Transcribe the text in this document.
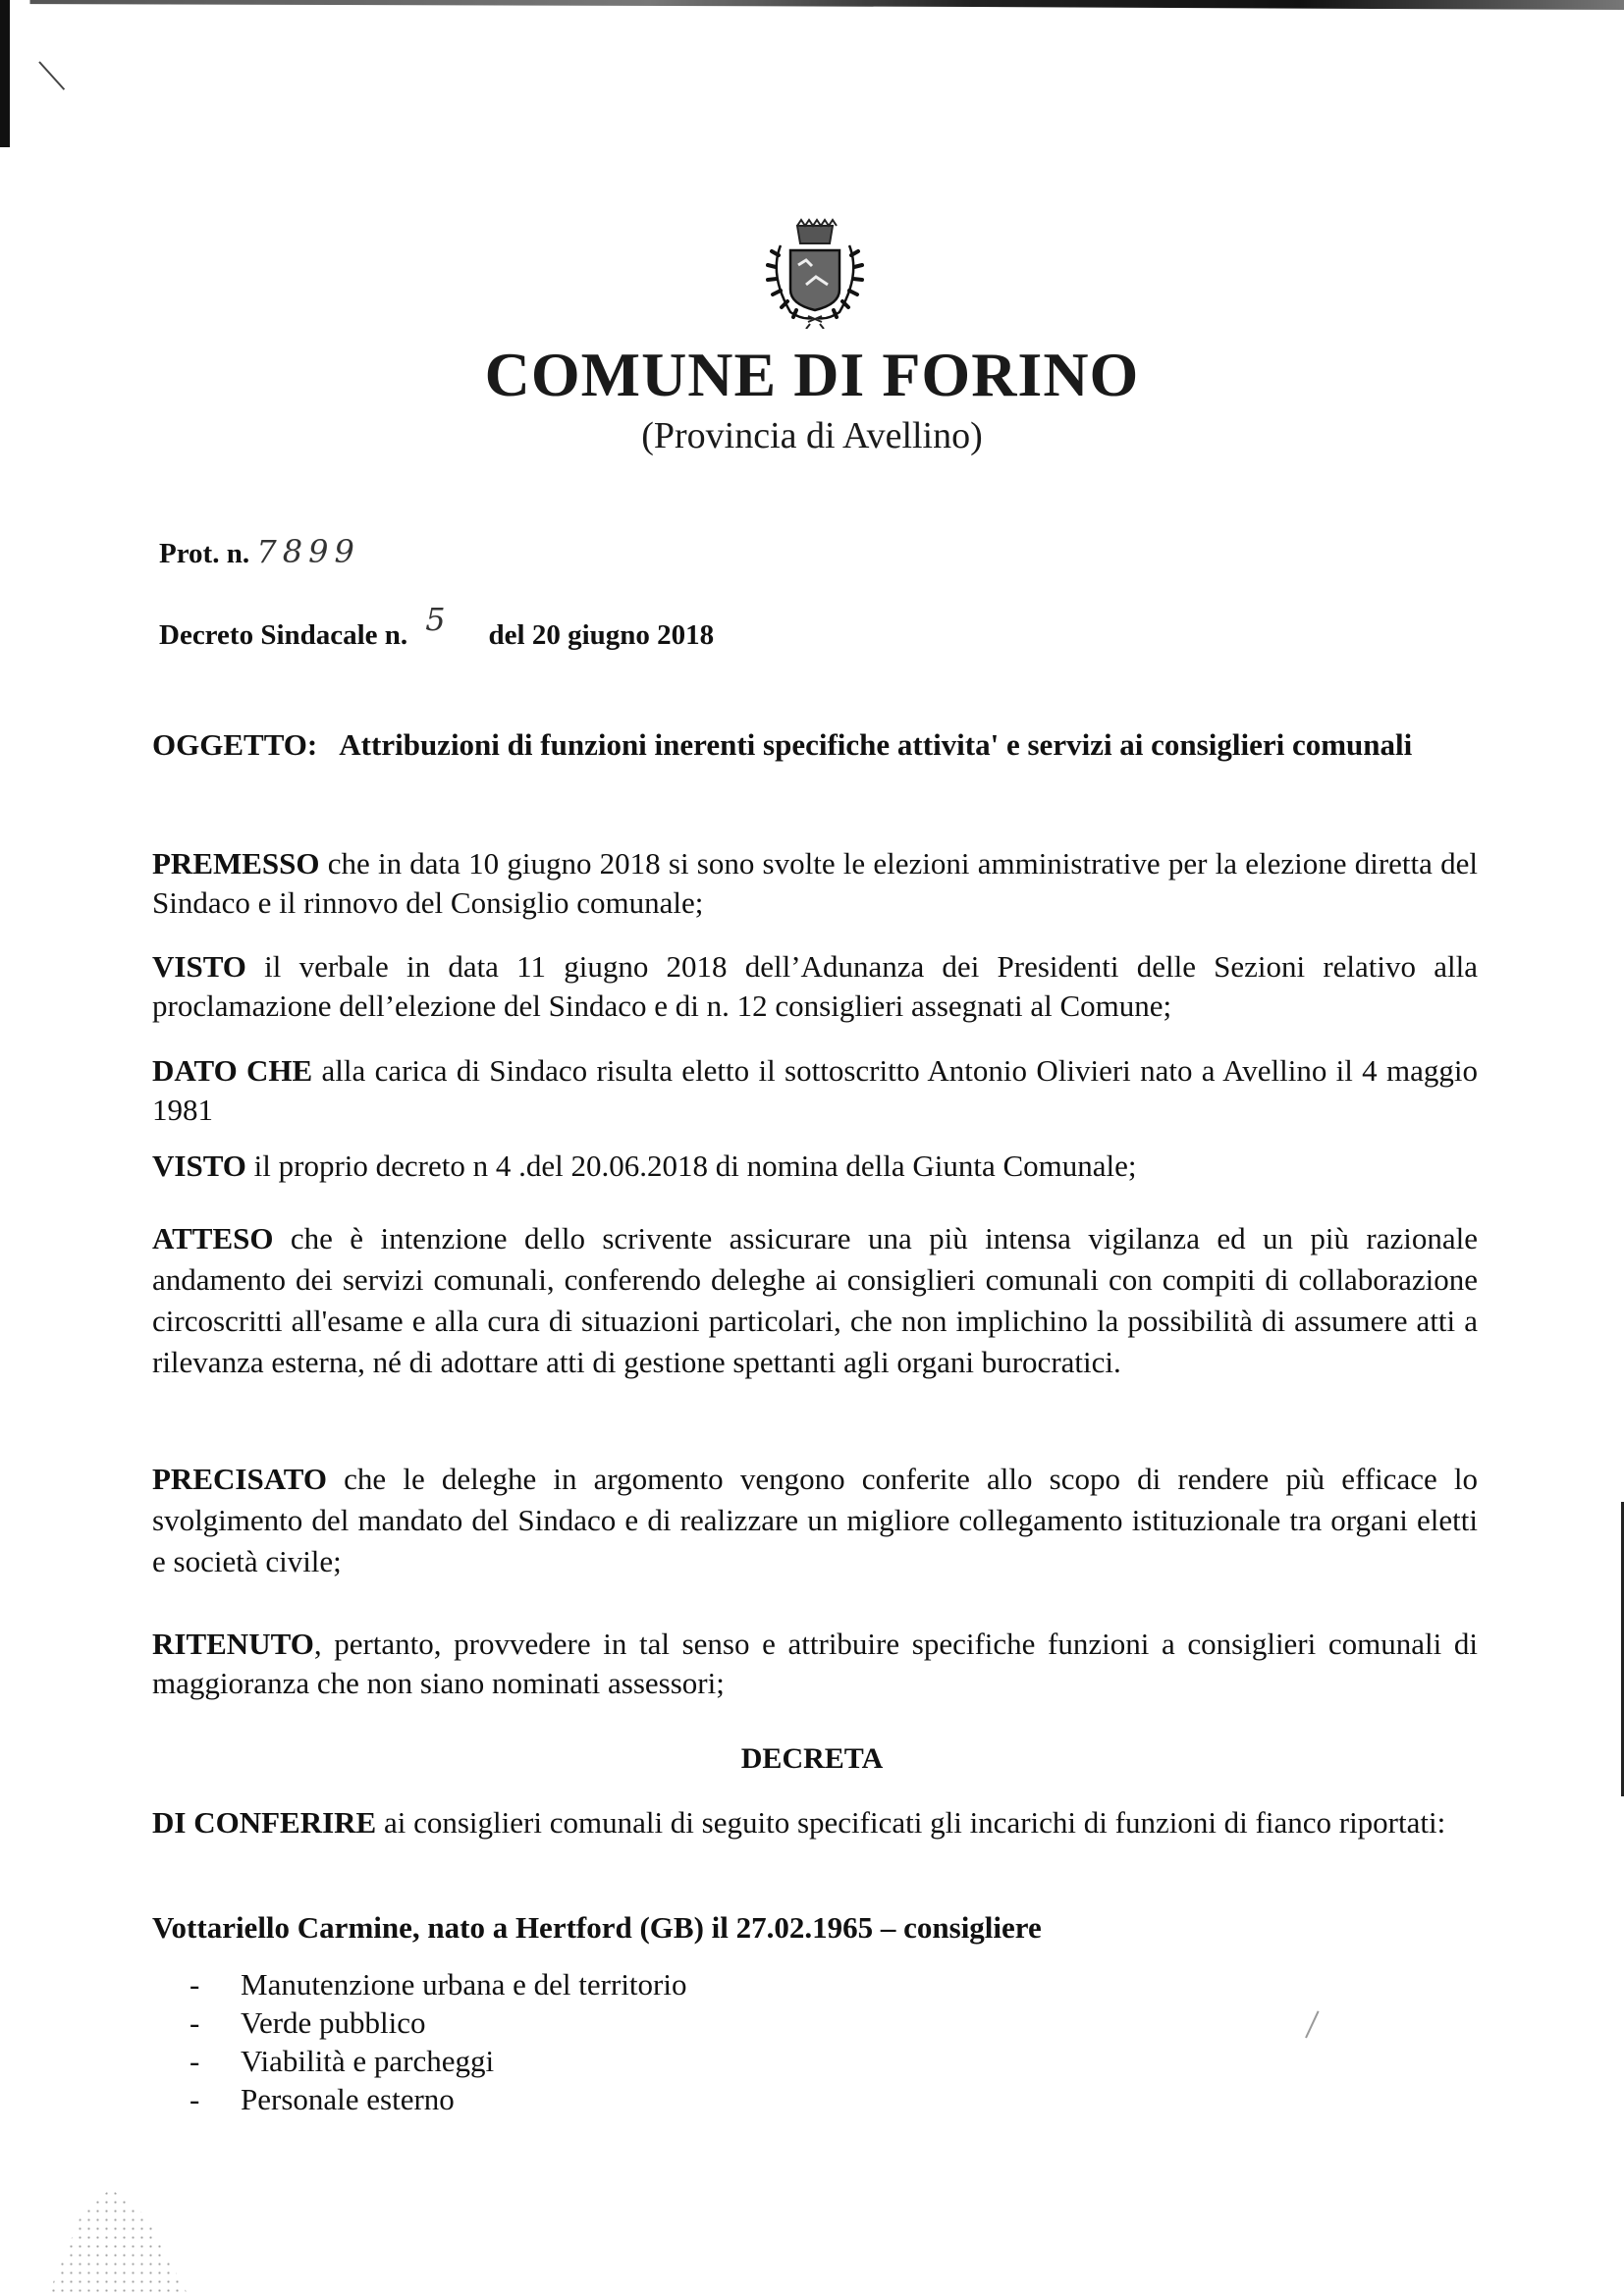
COMUNE DI FORINO
(Provincia di Avellino)
Prot. n. 7899
Decreto Sindacale n. 5 del 20 giugno 2018
OGGETTO: Attribuzioni di funzioni inerenti specifiche attivita' e servizi ai consiglieri comunali
PREMESSO che in data 10 giugno 2018 si sono svolte le elezioni amministrative per la elezione diretta del Sindaco e il rinnovo del Consiglio comunale;
VISTO il verbale in data 11 giugno 2018 dell’Adunanza dei Presidenti delle Sezioni relativo alla proclamazione dell’elezione del Sindaco e di n. 12 consiglieri assegnati al Comune;
DATO CHE alla carica di Sindaco risulta eletto il sottoscritto Antonio Olivieri nato a Avellino il 4 maggio 1981
VISTO il proprio decreto n 4 .del 20.06.2018 di nomina della Giunta Comunale;
ATTESO che è intenzione dello scrivente assicurare una più intensa vigilanza ed un più razionale andamento dei servizi comunali, conferendo deleghe ai consiglieri comunali con compiti di collaborazione circoscritti all'esame e alla cura di situazioni particolari, che non implichino la possibilità di assumere atti a rilevanza esterna, né di adottare atti di gestione spettanti agli organi burocratici.
PRECISATO che le deleghe in argomento vengono conferite allo scopo di rendere più efficace lo svolgimento del mandato del Sindaco e di realizzare un migliore collegamento istituzionale tra organi eletti e società civile;
RITENUTO, pertanto, provvedere in tal senso e attribuire specifiche funzioni a consiglieri comunali di maggioranza che non siano nominati assessori;
DECRETA
DI CONFERIRE ai consiglieri comunali di seguito specificati gli incarichi di funzioni di fianco riportati:
Vottariello Carmine, nato a Hertford (GB) il 27.02.1965 – consigliere
-	Manutenzione urbana e del territorio
-	Verde pubblico
-	Viabilità e parcheggi
-	Personale esterno
